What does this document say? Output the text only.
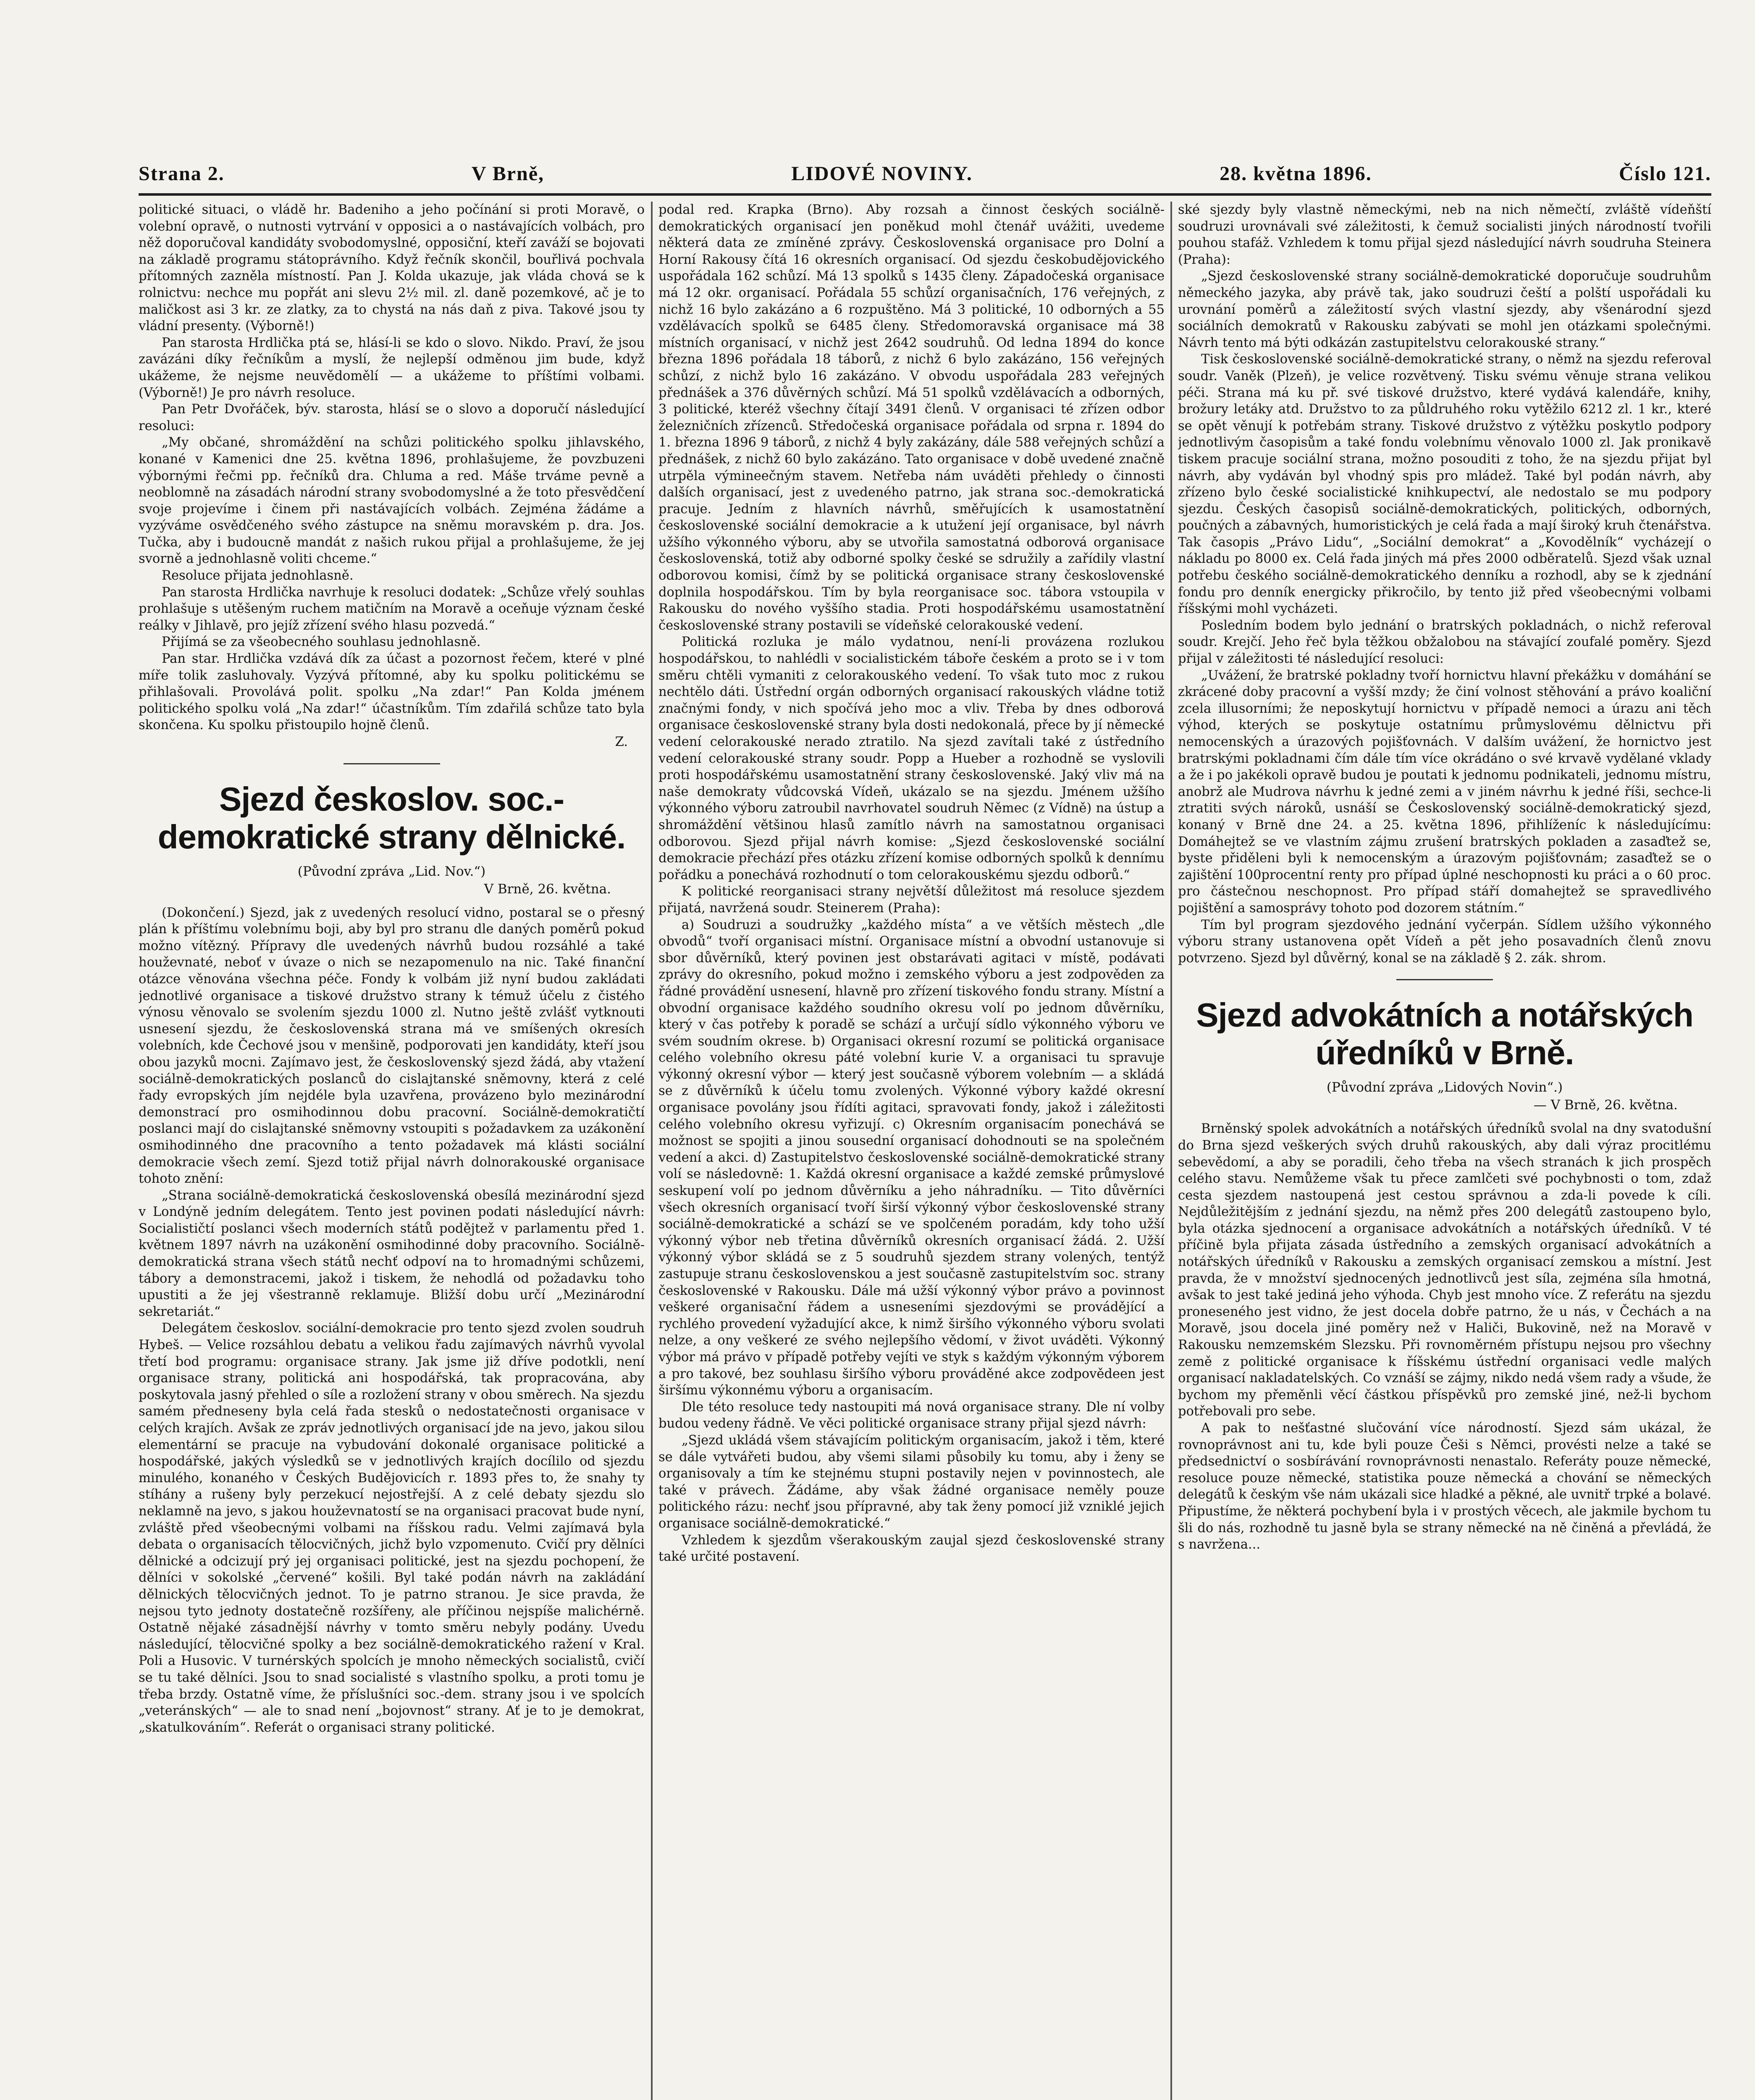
Strana 2.	V Brně,	LIDOVÉ NOVINY.	28. května 1896.	Číslo 121.

politické situaci, o vládě hr. Badeniho a jeho počínání si proti Moravě, o volební opravě, o nutnosti vytrvání v opposici a o nastávajících volbách, pro něž doporučoval kandidáty svobodomyslné, opposiční, kteří zaváží se bojovati na základě programu státoprávního. Když řečník skončil, bouřlivá pochvala přítomných zazněla místností. Pan J. Kolda ukazuje, jak vláda chová se k rolnictvu: nechce mu popřát ani slevu 2½ mil. zl. daně pozemkové, ač je to maličkost asi 3 kr. ze zlatky, za to chystá na nás daň z piva. Takové jsou ty vládní presenty. (Výborně!)

Pan starosta Hrdlička ptá se, hlásí-li se kdo o slovo. Nikdo. Praví, že jsou zavázáni díky řečníkům a myslí, že nejlepší odměnou jim bude, když ukážeme, že nejsme neuvědomělí — a ukážeme to příštími volbami. (Výborně!) Je pro návrh resoluce.

Pan Petr Dvořáček, býv. starosta, hlásí se o slovo a doporučí následující resoluci:

„My občané, shromáždění na schůzi politického spolku jihlavského, konané v Kamenici dne 25. května 1896, prohlašujeme, že povzbuzeni výbornými řečmi pp. řečníků dra. Chluma a red. Máše trváme pevně a neoblomně na zásadách národní strany svobodomyslné a že toto přesvědčení svoje projevíme i činem při nastávajících volbách. Zejména žádáme a vyzýváme osvědčeného svého zástupce na sněmu moravském p. dra. Jos. Tučka, aby i budoucně mandát z našich rukou přijal a prohlašujeme, že jej svorně a jednohlasně voliti chceme.“

Resoluce přijata jednohlasně.

Pan starosta Hrdlička navrhuje k resoluci dodatek: „Schůze vřelý souhlas prohlašuje s utěšeným ruchem matičním na Moravě a oceňuje význam české reálky v Jihlavě, pro jejíž zřízení svého hlasu pozvedá.“

Přijímá se za všeobecného souhlasu jednohlasně.

Pan star. Hrdlička vzdává dík za účast a pozornost řečem, které v plné míře tolik zasluhovaly. Vyzývá přítomné, aby ku spolku politickému se přihlašovali. Provolává polit. spolku „Na zdar!“ Pan Kolda jménem politického spolku volá „Na zdar!“ účastníkům. Tím zdařilá schůze tato byla skončena. Ku spolku přistoupilo hojně členů.

Z.
Sjezd českoslov. soc.-demokratické strany dělnické.
(Původní zpráva „Lid. Nov.“)
V Brně, 26. května.

(Dokončení.) Sjezd, jak z uvedených resolucí vidno, postaral se o přesný plán k příštímu volebnímu boji, aby byl pro stranu dle daných poměrů pokud možno vítězný. Přípravy dle uvedených návrhů budou rozsáhlé a také houževnaté, neboť v úvaze o nich se nezapomenulo na nic. Také finanční otázce věnována všechna péče. Fondy k volbám již nyní budou zakládati jednotlivé organisace a tiskové družstvo strany k témuž účelu z čistého výnosu věnovalo se svolením sjezdu 1000 zl. Nutno ještě zvlášť vytknouti usnesení sjezdu, že československá strana má ve smíšených okresích volebních, kde Čechové jsou v menšině, podporovati jen kandidáty, kteří jsou obou jazyků mocni. Zajímavo jest, že československý sjezd žádá, aby vtažení sociálně-demokratických poslanců do cislajtanské sněmovny, která z celé řady evropských jím nejdéle byla uzavřena, provázeno bylo mezinárodní demonstrací pro osmihodinnou dobu pracovní. Sociálně-demokratičtí poslanci mají do cislajtanské sněmovny vstoupiti s požadavkem za uzákonění osmihodinného dne pracovního a tento požadavek má klásti sociální demokracie všech zemí. Sjezd totiž přijal návrh dolnorakouské organisace tohoto znění:

„Strana sociálně-demokratická československá obesílá mezinárodní sjezd v Londýně jedním delegátem. Tento jest povinen podati následující návrh: Socialističtí poslanci všech moderních států podějtež v parlamentu před 1. květnem 1897 návrh na uzákonění osmihodinné doby pracovního. Sociálně-demokratická strana všech států nechť odpoví na to hromadnými schůzemi, tábory a demonstracemi, jakož i tiskem, že nehodlá od požadavku toho upustiti a že jej všestranně reklamuje. Bližší dobu určí „Mezinárodní sekretariát.“

Delegátem českoslov. sociální-demokracie pro tento sjezd zvolen soudruh Hybeš. — Velice rozsáhlou debatu a velikou řadu zajímavých návrhů vyvolal třetí bod programu: organisace strany. Jak jsme již dříve podotkli, není organisace strany, politická ani hospodářská, tak propracována, aby poskytovala jasný přehled o síle a rozložení strany v obou směrech. Na sjezdu samém předneseny byla celá řada stesků o nedostatečnosti organisace v celých krajích. Avšak ze zpráv jednotlivých organisací jde na jevo, jakou silou elementární se pracuje na vybudování dokonalé organisace politické a hospodářské, jakých výsledků se v jednotlivých krajích docílilo od sjezdu minulého, konaného v Českých Budějovicích r. 1893 přes to, že snahy ty stíhány a rušeny byly perzekucí nejostřejší. A z celé debaty sjezdu slo neklamně na jevo, s jakou houževnatostí se na organisaci pracovat bude nyní, zvláště před všeobecnými volbami na říšskou radu. Velmi zajímavá byla debata o organisacích tělocvičných, jichž bylo vzpomenuto. Cvičí pry dělníci dělnické a odcizují prý jej organisaci politické, jest na sjezdu pochopení, že dělníci v sokolské „červené“ košili. Byl také podán návrh na zakládání dělnických tělocvičných jednot. To je patrno stranou. Je sice pravda, že nejsou tyto jednoty dostatečně rozšířeny, ale příčinou nejspíše malichérně. Ostatně nějaké zásadnější návrhy v tomto směru nebyly podány. Uvedu následující, tělocvičné spolky a bez sociálně-demokratického ražení v Kral. Poli a Husovic. V turnérských spolcích je mnoho německých socialistů, cvičí se tu také dělníci. Jsou to snad socialisté s vlastního spolku, a proti tomu je třeba brzdy. Ostatně víme, že příslušníci soc.-dem. strany jsou i ve spolcích „veteránských“ — ale to snad není „bojovnost“ strany. Ať je to je demokrat, „skatulkováním“. Referát o organisaci strany politické.

podal red. Krapka (Brno). Aby rozsah a činnost českých sociálně-demokratických organisací jen poněkud mohl čtenář uvážiti, uvedeme některá data ze zmíněné zprávy. Československá organisace pro Dolní a Horní Rakousy čítá 16 okresních organisací. Od sjezdu českobudějovického uspořádala 162 schůzí. Má 13 spolků s 1435 členy. Západočeská organisace má 12 okr. organisací. Pořádala 55 schůzí organisačních, 176 veřejných, z nichž 16 bylo zakázáno a 6 rozpuštěno. Má 3 politické, 10 odborných a 55 vzdělávacích spolků se 6485 členy. Středomoravská organisace má 38 místních organisací, v nichž jest 2642 soudruhů. Od ledna 1894 do konce března 1896 pořádala 18 táborů, z nichž 6 bylo zakázáno, 156 veřejných schůzí, z nichž bylo 16 zakázáno. V obvodu uspořádala 283 veřejných přednášek a 376 důvěrných schůzí. Má 51 spolků vzdělávacích a odborných, 3 politické, kteréž všechny čítají 3491 členů. V organisaci té zřízen odbor železničních zřízenců. Středočeská organisace pořádala od srpna r. 1894 do 1. března 1896 9 táborů, z nichž 4 byly zakázány, dále 588 veřejných schůzí a přednášek, z nichž 60 bylo zakázáno. Tato organisace v době uvedené značně utrpěla výmineečným stavem. Netřeba nám uváděti přehledy o činnosti dalších organisací, jest z uvedeného patrno, jak strana soc.-demokratická pracuje. Jedním z hlavních návrhů, směřujících k usamostatnění československé sociální demokracie a k utužení její organisace, byl návrh užšího výkonného výboru, aby se utvořila samostatná odborová organisace československá, totiž aby odborné spolky české se sdružily a zařídily vlastní odborovou komisi, čímž by se politická organisace strany československé doplnila hospodářskou. Tím by byla reorganisace soc. tábora vstoupila v Rakousku do nového vyššího stadia. Proti hospodářskému usamostatnění československé strany postavili se vídeňské celorakouské vedení.

Politická rozluka je málo vydatnou, není-li provázena rozlukou hospodářskou, to nahlédli v socialistickém táboře českém a proto se i v tom směru chtěli vymaniti z celorakouského vedení. To však tuto moc z rukou nechtělo dáti. Ústřední orgán odborných organisací rakouských vládne totiž značnými fondy, v nich spočívá jeho moc a vliv. Třeba by dnes odborová organisace československé strany byla dosti nedokonalá, přece by jí německé vedení celorakouské nerado ztratilo. Na sjezd zavítali také z ústředního vedení celorakouské strany soudr. Popp a Hueber a rozhodně se vyslovili proti hospodářskému usamostatnění strany československé. Jaký vliv má na naše demokraty vůdcovská Vídeň, ukázalo se na sjezdu. Jménem užšího výkonného výboru zatroubil navrhovatel soudruh Němec (z Vídně) na ústup a shromáždění většinou hlasů zamítlo návrh na samostatnou organisaci odborovou. Sjezd přijal návrh komise: „Sjezd československé sociální demokracie přechází přes otázku zřízení komise odborných spolků k dennímu pořádku a ponechává rozhodnutí o tom celorakouskému sjezdu odborů.“

K politické reorganisaci strany největší důležitost má resoluce sjezdem přijatá, navržená soudr. Steinerem (Praha):

a) Soudruzi a soudružky „každého místa“ a ve větších městech „dle obvodů“ tvoří organisaci místní. Organisace místní a obvodní ustanovuje si sbor důvěrníků, který povinen jest obstarávati agitaci v místě, podávati zprávy do okresního, pokud možno i zemského výboru a jest zodpověden za řádné provádění usnesení, hlavně pro zřízení tiskového fondu strany. Místní a obvodní organisace každého soudního okresu volí po jednom důvěrníku, který v čas potřeby k poradě se schází a určují sídlo výkonného výboru ve svém soudním okrese. b) Organisaci okresní rozumí se politická organisace celého volebního okresu páté volební kurie V. a organisaci tu spravuje výkonný okresní výbor — který jest současně výborem volebním — a skládá se z důvěrníků k účelu tomu zvolených. Výkonné výbory každé okresní organisace povolány jsou řídíti agitaci, spravovati fondy, jakož i záležitosti celého volebního okresu vyřizují. c) Okresním organisacím ponechává se možnost se spojiti a jinou sousední organisací dohodnouti se na společném vedení a akci. d) Zastupitelstvo československé sociálně-demokratické strany volí se následovně: 1. Každá okresní organisace a každé zemské průmyslové seskupení volí po jednom důvěrníku a jeho náhradníku. — Tito důvěrníci všech okresních organisací tvoří širší výkonný výbor československé strany sociálně-demokratické a schází se ve spolčeném poradám, kdy toho užší výkonný výbor neb třetina důvěrníků okresních organisací žádá. 2. Užší výkonný výbor skládá se z 5 soudruhů sjezdem strany volených, tentýž zastupuje stranu československou a jest současně zastupitelstvím soc. strany československé v Rakousku. Dále má užší výkonný výbor právo a povinnost veškeré organisační řádem a usneseními sjezdovými se provádějící a rychlého provedení vyžadující akce, k nimž širšího výkonného výboru svolati nelze, a ony veškeré ze svého nejlepšího vědomí, v život uváděti. Výkonný výbor má právo v případě potřeby vejíti ve styk s každým výkonným výborem a pro takové, bez souhlasu širšího výboru prováděné akce zodpovědeen jest širšímu výkonnému výboru a organisacím.

Dle této resoluce tedy nastoupiti má nová organisace strany. Dle ní volby budou vedeny řádně. Ve věci politické organisace strany přijal sjezd návrh:

„Sjezd ukládá všem stávajícím politickým organisacím, jakož i těm, které se dále vytvářeti budou, aby všemi silami působily ku tomu, aby i ženy se organisovaly a tím ke stejnému stupni postavily nejen v povinnostech, ale také v právech. Žádáme, aby však žádné organisace neměly pouze politického rázu: nechť jsou přípravné, aby tak ženy pomocí již vzniklé jejich organisace sociálně-demokratické.“

Vzhledem k sjezdům všerakouským zaujal sjezd československé strany také určité postavení.

ské sjezdy byly vlastně německými, neb na nich němečtí, zvláště vídeňští soudruzi urovnávali své záležitosti, k čemuž socialisti jiných národností tvořili pouhou stafáž. Vzhledem k tomu přijal sjezd následující návrh soudruha Steinera (Praha):

„Sjezd československé strany sociálně-demokratické doporučuje soudruhům německého jazyka, aby právě tak, jako soudruzi čeští a polští uspořádali ku urovnání poměrů a záležitostí svých vlastní sjezdy, aby všenárodní sjezd sociálních demokratů v Rakousku zabývati se mohl jen otázkami společnými. Návrh tento má býti odkázán zastupitelstvu celorakouské strany.“

Tisk československé sociálně-demokratické strany, o němž na sjezdu referoval soudr. Vaněk (Plzeň), je velice rozvětvený. Tisku svému věnuje strana velikou péči. Strana má ku př. své tiskové družstvo, které vydává kalendáře, knihy, brožury letáky atd. Družstvo to za půldruhého roku vytěžilo 6212 zl. 1 kr., které se opět věnují k potřebám strany. Tiskové družstvo z výtěžku poskytlo podpory jednotlivým časopisům a také fondu volebnímu věnovalo 1000 zl. Jak pronikavě tiskem pracuje sociální strana, možno posouditi z toho, že na sjezdu přijat byl návrh, aby vydáván byl vhodný spis pro mládež. Také byl podán návrh, aby zřízeno bylo české socialistické knihkupectví, ale nedostalo se mu podpory sjezdu. Českých časopisů sociálně-demokratických, politických, odborných, poučných a zábavných, humoristických je celá řada a mají široký kruh čtenářstva. Tak časopis „Právo Lidu“, „Sociální demokrat“ a „Kovodělník“ vycházejí o nákladu po 8000 ex. Celá řada jiných má přes 2000 odběratelů. Sjezd však uznal potřebu českého sociálně-demokratického denníku a rozhodl, aby se k zjednání fondu pro denník energicky přikročilo, by tento již před všeobecnými volbami říšskými mohl vycházeti.

Posledním bodem bylo jednání o bratrských pokladnách, o nichž referoval soudr. Krejčí. Jeho řeč byla těžkou obžalobou na stávající zoufalé poměry. Sjezd přijal v záležitosti té následující resoluci:

„Uvážení, že bratrské pokladny tvoří hornictvu hlavní překážku v domáhání se zkrácené doby pracovní a vyšší mzdy; že činí volnost stěhování a právo koaliční zcela illusorními; že neposkytují hornictvu v případě nemoci a úrazu ani těch výhod, kterých se poskytuje ostatnímu průmyslovému dělnictvu při nemocenských a úrazových pojišťovnách. V dalším uvážení, že hornictvo jest bratrskými pokladnami čím dále tím více okrádáno o své krvavě vydělané vklady a že i po jakékoli opravě budou je poutati k jednomu podnikateli, jednomu místru, anobrž ale Mudrova návrhu k jedné zemi a v jiném návrhu k jedné říši, sechce-li ztratiti svých nároků, usnáší se Československý sociálně-demokratický sjezd, konaný v Brně dne 24. a 25. května 1896, přihlíženíc k následujícímu: Domáhejtež se ve vlastním zájmu zrušení bratrských pokladen a zasaďtež se, byste přiděleni byli k nemocenským a úrazovým pojišťovnám; zasaďtež se o zajištění 100procentní renty pro případ úplné neschopnosti ku práci a o 60 proc. pro částečnou neschopnost. Pro případ stáří domahejtež se spravedlivého pojištění a samosprávy tohoto pod dozorem státním.“

Tím byl program sjezdového jednání vyčerpán. Sídlem užšího výkonného výboru strany ustanovena opět Vídeň a pět jeho posavadních členů znovu potvrzeno. Sjezd byl důvěrný, konal se na základě § 2. zák. shrom.

Sjezd advokátních a notářských úředníků v Brně.
(Původní zpráva „Lidových Novin“.)
— V Brně, 26. května.

Brněnský spolek advokátních a notářských úředníků svolal na dny svatodušní do Brna sjezd veškerých svých druhů rakouských, aby dali výraz procitlému sebevědomí, a aby se poradili, čeho třeba na všech stranách k jich prospěch celého stavu. Nemůžeme však tu přece zamlčeti své pochybnosti o tom, zdaž cesta sjezdem nastoupená jest cestou správnou a zda-li povede k cíli. Nejdůležitějším z jednání sjezdu, na němž přes 200 delegátů zastoupeno bylo, byla otázka sjednocení a organisace advokátních a notářských úředníků. V té příčině byla přijata zásada ústředního a zemských organisací advokátních a notářských úředníků v Rakousku a zemských organisací zemskou a místní. Jest pravda, že v množství sjednocených jednotlivců jest síla, zejména síla hmotná, avšak to jest také jediná jeho výhoda. Chyb jest mnoho více. Z referátu na sjezdu proneseného jest vidno, že jest docela dobře patrno, že u nás, v Čechách a na Moravě, jsou docela jiné poměry než v Haliči, Bukovině, než na Moravě v Rakousku nemzemském Slezsku. Při rovnoměrném přístupu nejsou pro všechny země z politické organisace k říšskému ústřední organisaci vedle malých organisací nakladatelských. Co vznáší se zájmy, nikdo nedá všem rady a všude, že bychom my přeměnli věcí částkou příspěvků pro zemské jiné, než-li bychom potřebovali pro sebe.

A pak to nešťastné slučování více národností. Sjezd sám ukázal, že rovnoprávnost ani tu, kde byli pouze Češi s Němci, provésti nelze a také se předsednictví o sosbírávání rovnoprávnosti nenastalo. Referáty pouze německé, resoluce pouze německé, statistika pouze německá a chování se německých delegátů k českým vše nám ukázali sice hladké a pěkné, ale uvnitř trpké a bolavé. Připustíme, že některá pochybení byla i v prostých věcech, ale jakmile bychom tu šli do nás, rozhodně tu jasně byla se strany německé na ně činěná a převládá, že s navržena...
